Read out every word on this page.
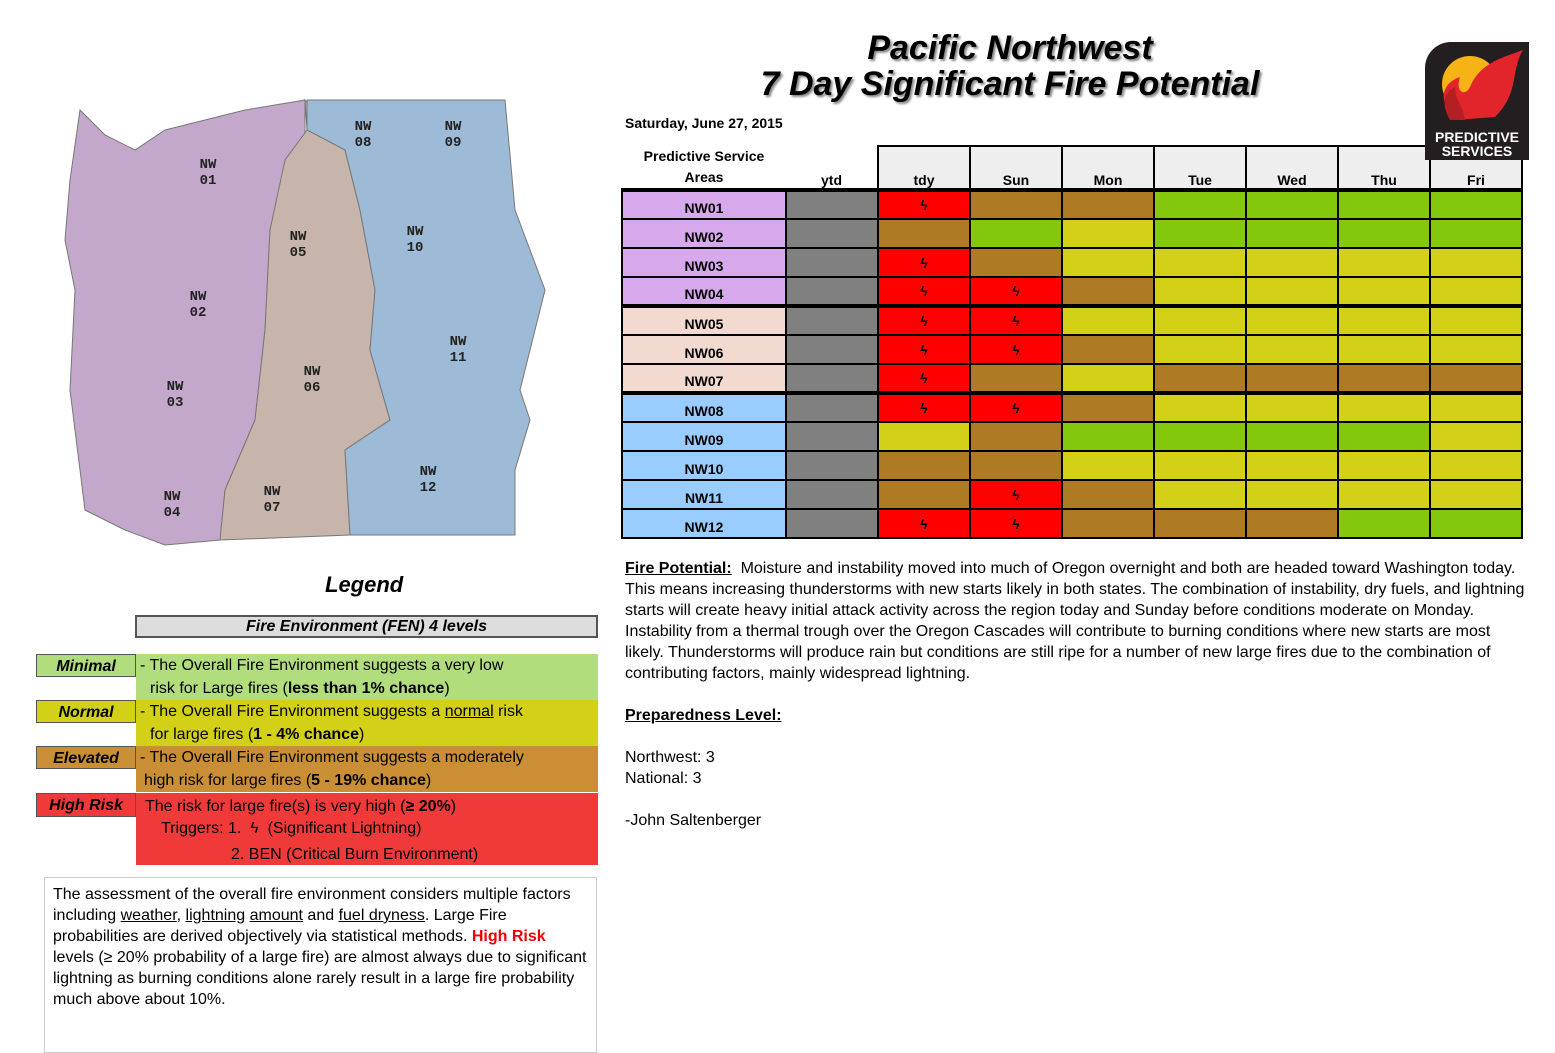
Pacific Northwest
7 Day Significant Fire Potential
Saturday, June 27, 2015
Predictive Service
Areas	ytd	tdy	Sun	Mon	Tue	Wed	Thu	Fri
NW01		ϟ						

NW02								
NW03		ϟ						

NW04		ϟ	ϟ					

NW05		ϟ	ϟ					

NW06		ϟ	ϟ					

NW07		ϟ						

NW08		ϟ	ϟ					

NW09								
NW10								
NW11			ϟ					

NW12		ϟ	ϟ					

PREDICTIVE
SERVICES
Fire Potential: Moisture and instability moved into much of Oregon overnight and both are headed toward Washington today. This means increasing thunderstorms with new starts likely in both states. The combination of instability, dry fuels, and lightning starts will create heavy initial attack activity across the region today and Sunday before conditions moderate on Monday. Instability from a thermal trough over the Oregon Cascades will contribute to burning conditions where new starts are most likely. Thunderstorms will produce rain but conditions are still ripe for a number of new large fires due to the combination of contributing factors, mainly widespread lightning.
Preparedness Level:
Northwest: 3
National: 3
-John Saltenberger
NW
01
NW
02
NW
03
NW
04
NW
05
NW
06
NW
07
NW
08
NW
09
NW
10
NW
11
NW
12
Legend
Fire Environment (FEN) 4 levels
Minimal	- The Overall Fire Environment suggests a very low
risk for Large fires (less than 1% chance)
Normal	- The Overall Fire Environment suggests a normal risk
for large fires (1 - 4% chance)
Elevated	- The Overall Fire Environment suggests a moderately
high risk for large fires (5 - 19% chance)
High Risk	The risk for large fire(s) is very high (≥ 20%)
Triggers: 1.  ϟ  (Significant Lightning)
2. BEN (Critical Burn Environment)
The assessment of the overall fire environment considers multiple factors including weather, lightning amount and fuel dryness. Large Fire probabilities are derived objectively via statistical methods. High Risk levels (≥ 20% probability of a large fire) are almost always due to significant lightning as burning conditions alone rarely result in a large fire probability much above about 10%.
